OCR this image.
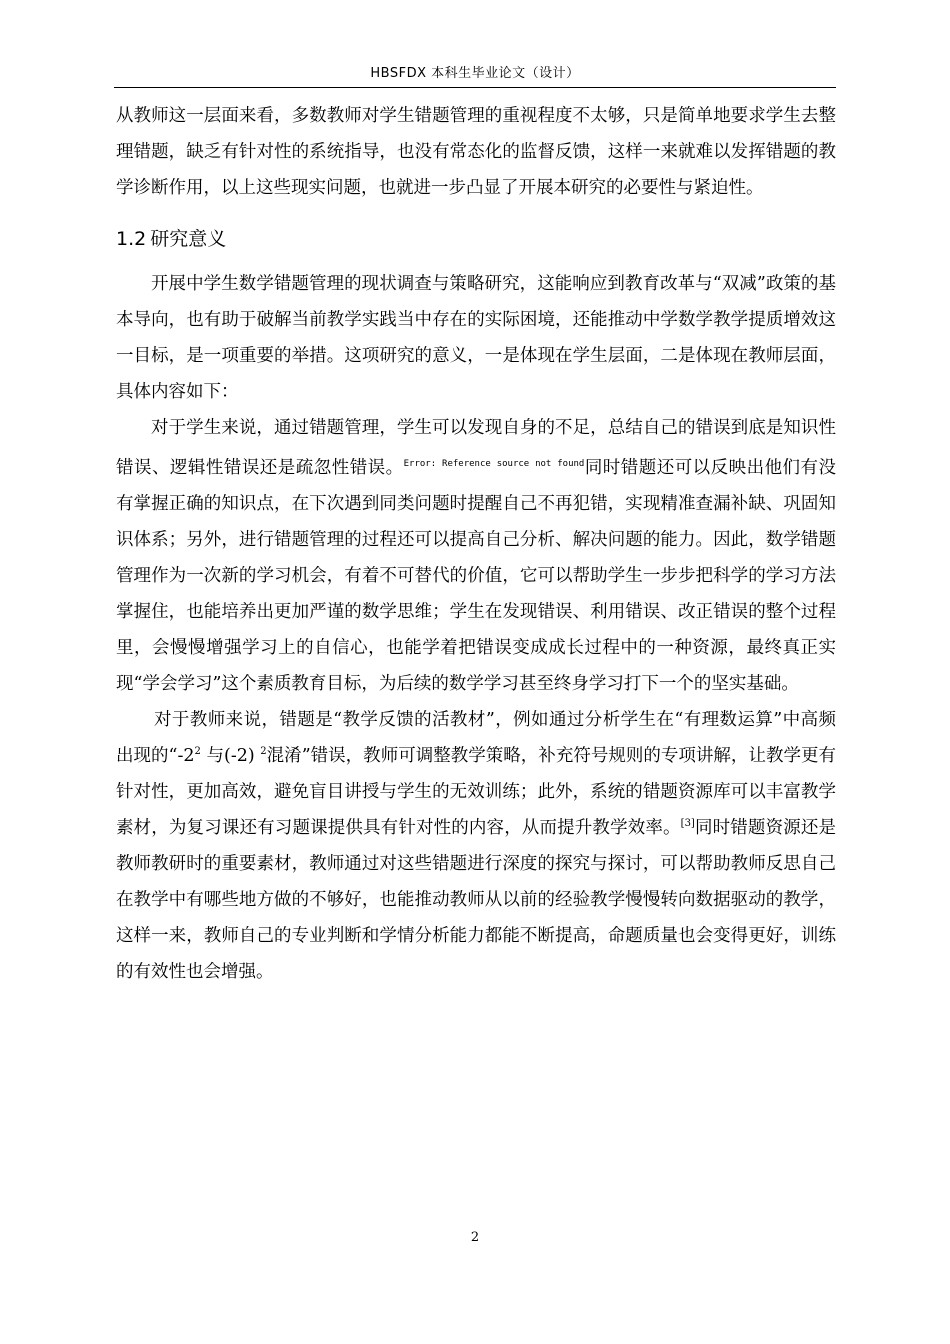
HBSFDX 本科生毕业论文（设计）

从教师这一层面来看，多数教师对学生错题管理的重视程度不太够，只是简单地要求学生去整理错题，缺乏有针对性的系统指导，也没有常态化的监督反馈，这样一来就难以发挥错题的教学诊断作用，以上这些现实问题，也就进一步凸显了开展本研究的必要性与紧迫性。

1.2 研究意义

开展中学生数学错题管理的现状调查与策略研究，这能响应到教育改革与“双减”政策的基本导向，也有助于破解当前教学实践当中存在的实际困境，还能推动中学数学教学提质增效这一目标，是一项重要的举措。这项研究的意义，一是体现在学生层面，二是体现在教师层面，具体内容如下：

对于学生来说，通过错题管理，学生可以发现自身的不足，总结自己的错误到底是知识性错误、逻辑性错误还是疏忽性错误。$^{Error: Reference source not found}$同时错题还可以反映出他们有没有掌握正确的知识点，在下次遇到同类问题时提醒自己不再犯错，实现精准查漏补缺、巩固知识体系；另外，进行错题管理的过程还可以提高自己分析、解决问题的能力。因此，数学错题管理作为一次新的学习机会，有着不可替代的价值，它可以帮助学生一步步把科学的学习方法掌握住，也能培养出更加严谨的数学思维；学生在发现错误、利用错误、改正错误的整个过程里，会慢慢增强学习上的自信心，也能学着把错误变成成长过程中的一种资源，最终真正实现“学会学习”这个素质教育目标，为后续的数学学习甚至终身学习打下一个的坚实基础。

对于教师来说，错题是“教学反馈的活教材”，例如通过分析学生在“有理数运算”中高频出现的“$-2^2$ 与(-2) $^2$混淆”错误，教师可调整教学策略，补充符号规则的专项讲解，让教学更有针对性，更加高效，避免盲目讲授与学生的无效训练；此外，系统的错题资源库可以丰富教学素材，为复习课还有习题课提供具有针对性的内容，从而提升教学效率。[3]同时错题资源还是教师教研时的重要素材，教师通过对这些错题进行深度的探究与探讨，可以帮助教师反思自己在教学中有哪些地方做的不够好，也能推动教师从以前的经验教学慢慢转向数据驱动的教学，这样一来，教师自己的专业判断和学情分析能力都能不断提高，命题质量也会变得更好，训练的有效性也会增强。

2
